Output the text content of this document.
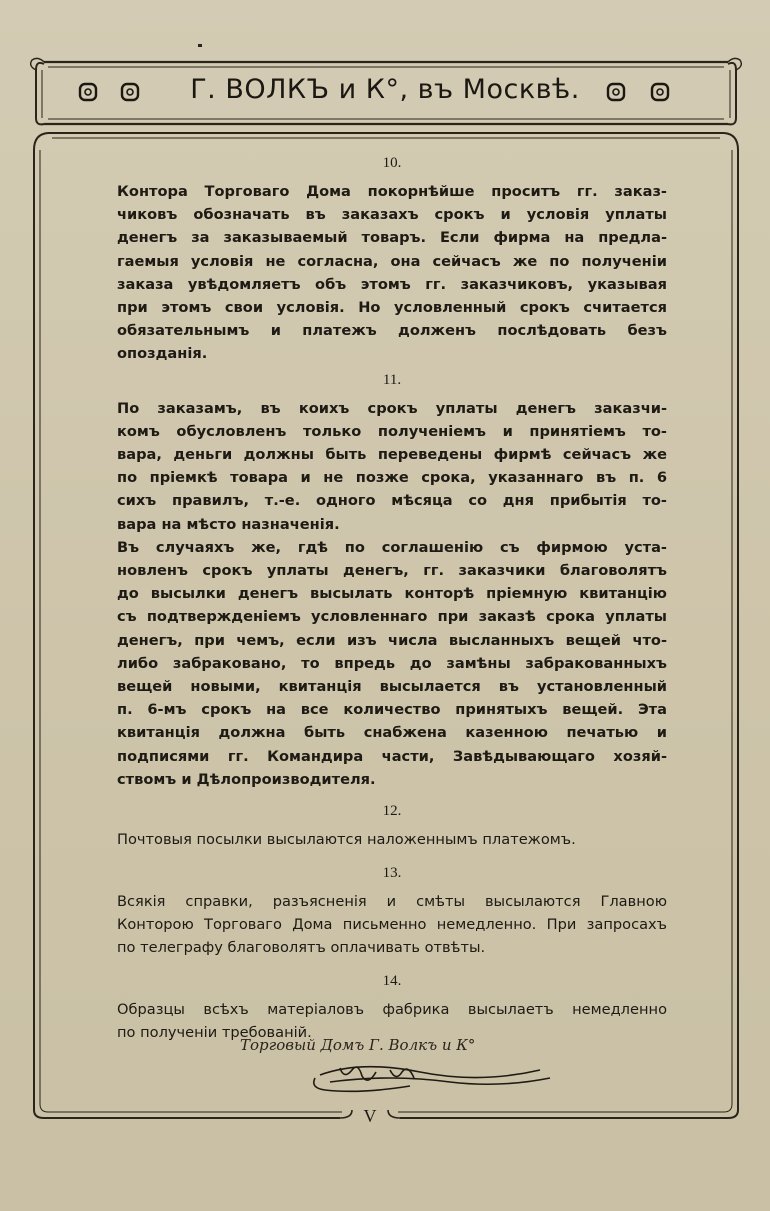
Г. ВОЛКЪ и К°, въ Москвѣ.
10.

Контора Торговаго Дома покорнѣйше проситъ гг. заказ-
чиковъ обозначать въ заказахъ срокъ и условія уплаты
денегъ за заказываемый товаръ. Если фирма на предла-
гаемыя условія не согласна, она сейчасъ же по полученіи
заказа увѣдомляетъ объ этомъ гг. заказчиковъ, указывая
при этомъ свои условія. Но условленный срокъ считается
обязательнымъ и платежъ долженъ послѣдовать безъ
опозданія.

11.

По заказамъ, въ коихъ срокъ уплаты денегъ заказчи-
комъ обусловленъ только полученіемъ и принятіемъ то-
вара, деньги должны быть переведены фирмѣ сейчасъ же
по пріемкѣ товара и не позже срока, указаннаго въ п. 6
сихъ правилъ, т.-е. одного мѣсяца со дня прибытія то-
вара на мѣсто назначенія.

Въ случаяхъ же, гдѣ по соглашенію съ фирмою уста-
новленъ срокъ уплаты денегъ, гг. заказчики благоволятъ
до высылки денегъ высылать конторѣ пріемную квитанцію
съ подтвержденіемъ условленнаго при заказѣ срока уплаты
денегъ, при чемъ, если изъ числа высланныхъ вещей что-
либо забраковано, то впредь до замѣны забракованныхъ
вещей новыми, квитанція высылается въ установленный
п. 6-мъ срокъ на все количество принятыхъ вещей. Эта
квитанція должна быть снабжена казенною печатью и
подписями гг. Командира части, Завѣдывающаго хозяй-
ствомъ и Дѣлопроизводителя.

12.

Почтовыя посылки высылаются наложеннымъ платежомъ.

13.

Всякія справки, разъясненія и смѣты высылаются Главною
Конторою Торговаго Дома письменно немедленно. При запросахъ
по телеграфу благоволятъ оплачивать отвѣты.

14.

Образцы всѣхъ матеріаловъ фабрика высылаетъ немедленно
по полученіи требованій.

Торговый Домъ Г. Волкъ и К°
V
